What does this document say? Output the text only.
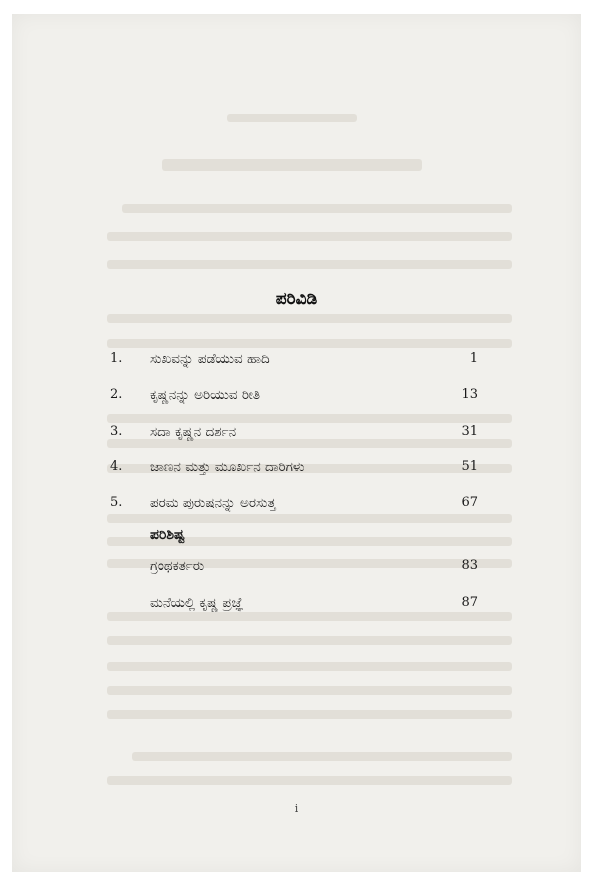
ಪರಿವಿಡಿ
1.	ಸುಖವನ್ನು ಪಡೆಯುವ ಹಾದಿ	1
2.	ಕೃಷ್ಣನನ್ನು ಅರಿಯುವ ರೀತಿ	13
3.	ಸದಾ ಕೃಷ್ಣನ ದರ್ಶನ	31
4.	ಜಾಣನ ಮತ್ತು ಮೂರ್ಖನ ದಾರಿಗಳು	51
5.	ಪರಮ ಪುರುಷನನ್ನು ಅರಸುತ್ತ	67
ಪರಿಶಿಷ್ಟ
ಗ್ರಂಥಕರ್ತರು	83
ಮನೆಯಲ್ಲಿ ಕೃಷ್ಣ ಪ್ರಜ್ಞೆ	87
i
